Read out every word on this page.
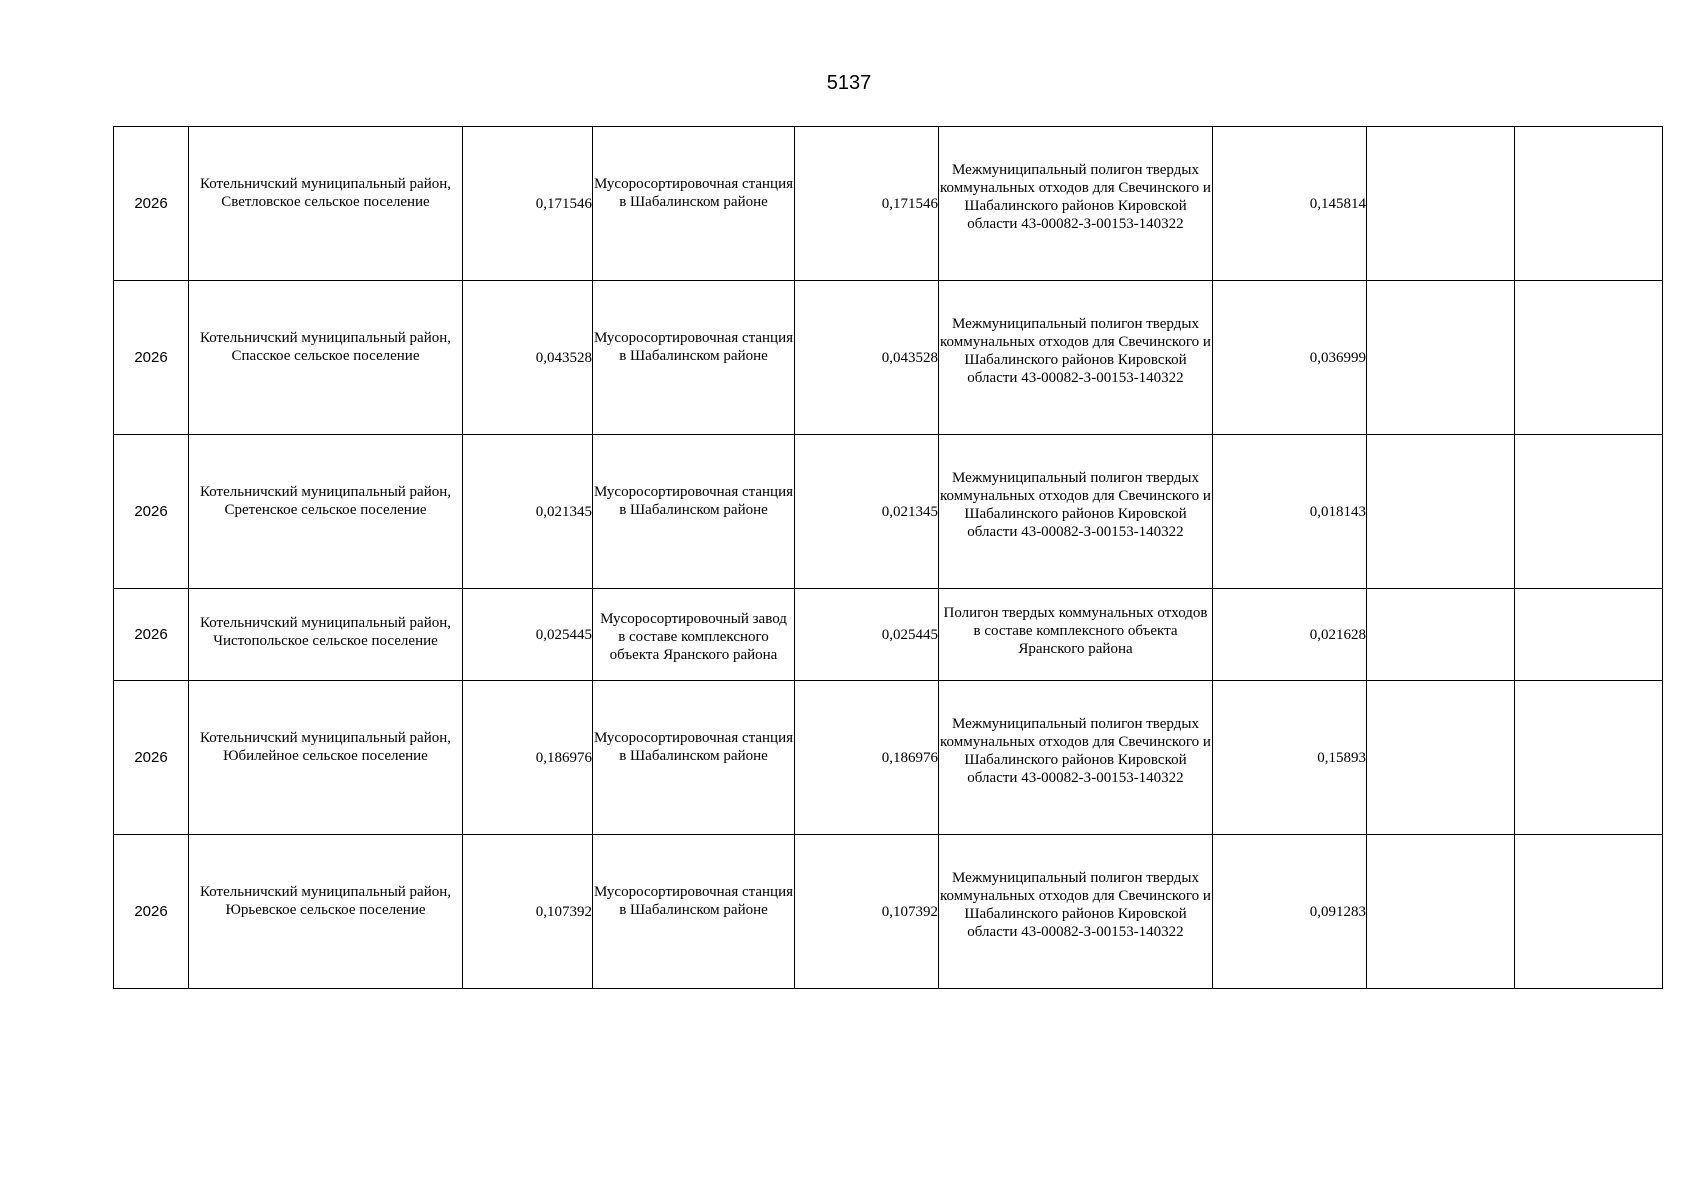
5137
2026	Котельничский муниципальный район, Светловское сельское поселение	0,171546	Мусоросортировочная станция в Шабалинском районе	0,171546	Межмуниципальный полигон твердых коммунальных отходов для Свечинского и Шабалинского районов Кировской области 43-00082-З-00153-140322	0,145814		
2026	Котельничский муниципальный район, Спасское сельское поселение	0,043528	Мусоросортировочная станция в Шабалинском районе	0,043528	Межмуниципальный полигон твердых коммунальных отходов для Свечинского и Шабалинского районов Кировской области 43-00082-З-00153-140322	0,036999		
2026	Котельничский муниципальный район, Сретенское сельское поселение	0,021345	Мусоросортировочная станция в Шабалинском районе	0,021345	Межмуниципальный полигон твердых коммунальных отходов для Свечинского и Шабалинского районов Кировской области 43-00082-З-00153-140322	0,018143		
2026	Котельничский муниципальный район, Чистопольское сельское поселение	0,025445	Мусоросортировочный завод в составе комплексного объекта Яранского района	0,025445	Полигон твердых коммунальных отходов в составе комплексного объекта Яранского района	0,021628		
2026	Котельничский муниципальный район, Юбилейное сельское поселение	0,186976	Мусоросортировочная станция в Шабалинском районе	0,186976	Межмуниципальный полигон твердых коммунальных отходов для Свечинского и Шабалинского районов Кировской области 43-00082-З-00153-140322	0,15893		
2026	Котельничский муниципальный район, Юрьевское сельское поселение	0,107392	Мусоросортировочная станция в Шабалинском районе	0,107392	Межмуниципальный полигон твердых коммунальных отходов для Свечинского и Шабалинского районов Кировской области 43-00082-З-00153-140322	0,091283		
